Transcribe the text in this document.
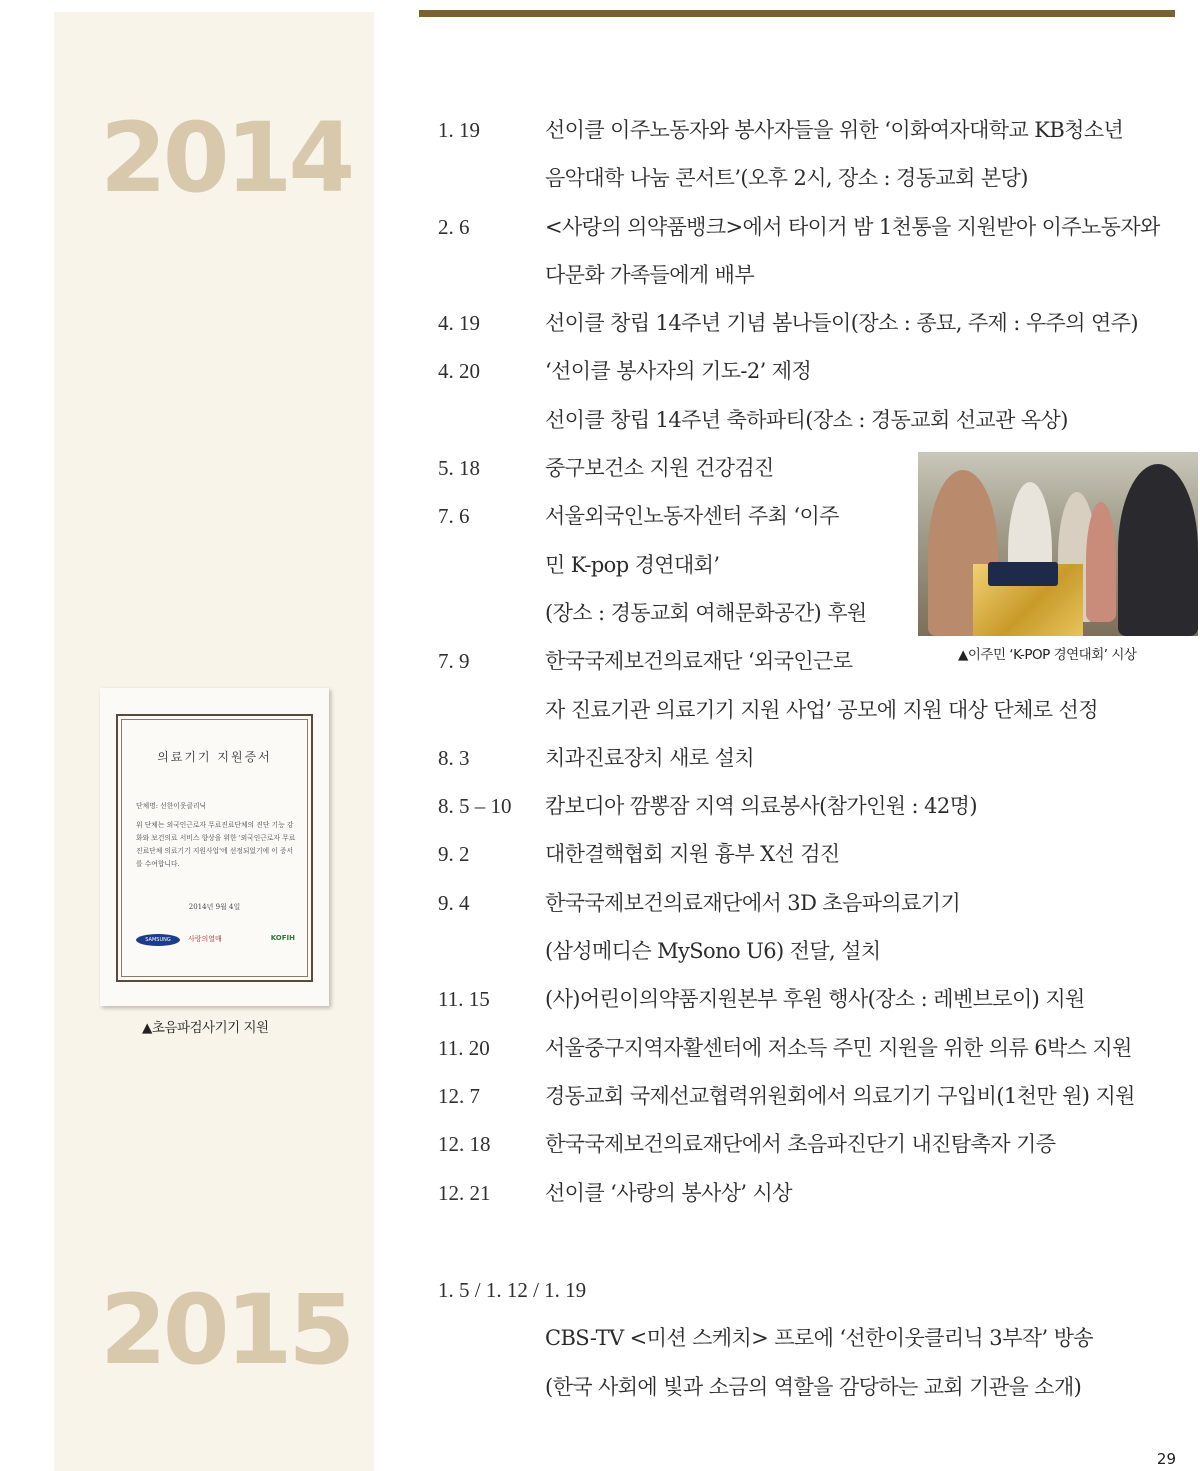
2014
2015
1. 19	선이클 이주노동자와 봉사자들을 위한 ‘이화여자대학교 KB청소년
음악대학 나눔 콘서트’(오후 2시, 장소 : 경동교회 본당)
2. 6	<사랑의 의약품뱅크>에서 타이거 밤 1천통을 지원받아 이주노동자와
다문화 가족들에게 배부
4. 19	선이클 창립 14주년 기념 봄나들이(장소 : 종묘, 주제 : 우주의 연주)
4. 20	‘선이클 봉사자의 기도-2’ 제정
선이클 창립 14주년 축하파티(장소 : 경동교회 선교관 옥상)
5. 18	중구보건소 지원 건강검진
7. 6	서울외국인노동자센터 주최 ‘이주
민 K-pop 경연대회’
(장소 : 경동교회 여해문화공간) 후원
7. 9	한국국제보건의료재단 ‘외국인근로
자 진료기관 의료기기 지원 사업’ 공모에 지원 대상 단체로 선정
8. 3	치과진료장치 새로 설치
8. 5 – 10	캄보디아 깜뽕잠 지역 의료봉사(참가인원 : 42명)
9. 2	대한결핵협회 지원 흉부 X선 검진
9. 4	한국국제보건의료재단에서 3D 초음파의료기기
(삼성메디슨 MySono U6) 전달, 설치
11. 15	(사)어린이의약품지원본부 후원 행사(장소 : 레벤브로이) 지원
11. 20	서울중구지역자활센터에 저소득 주민 지원을 위한 의류 6박스 지원
12. 7	경동교회 국제선교협력위원회에서 의료기기 구입비(1천만 원) 지원
12. 18	한국국제보건의료재단에서 초음파진단기 내진탐촉자 기증
12. 21	선이클 ‘사랑의 봉사상’ 시상
1. 5 / 1. 12 / 1. 19
CBS-TV <미션 스케치> 프로에 ‘선한이웃클리닉 3부작’ 방송
(한국 사회에 빛과 소금의 역할을 감당하는 교회 기관을 소개)
▲이주민 ‘K-POP 경연대회’ 시상
의료기기 지원증서
단체명: 선한이웃클리닉
위 단체는 외국인근로자 무료진료단체의 진단 기능 강화와 보건의료 서비스 향상을 위한 '외국인근로자 무료진료단체 의료기기 지원사업'에 선정되었기에 이 증서를 수여합니다.
2014년 9월 4일
SAMSUNG	사랑의열매	KOFIH
▲초음파검사기기 지원
29
